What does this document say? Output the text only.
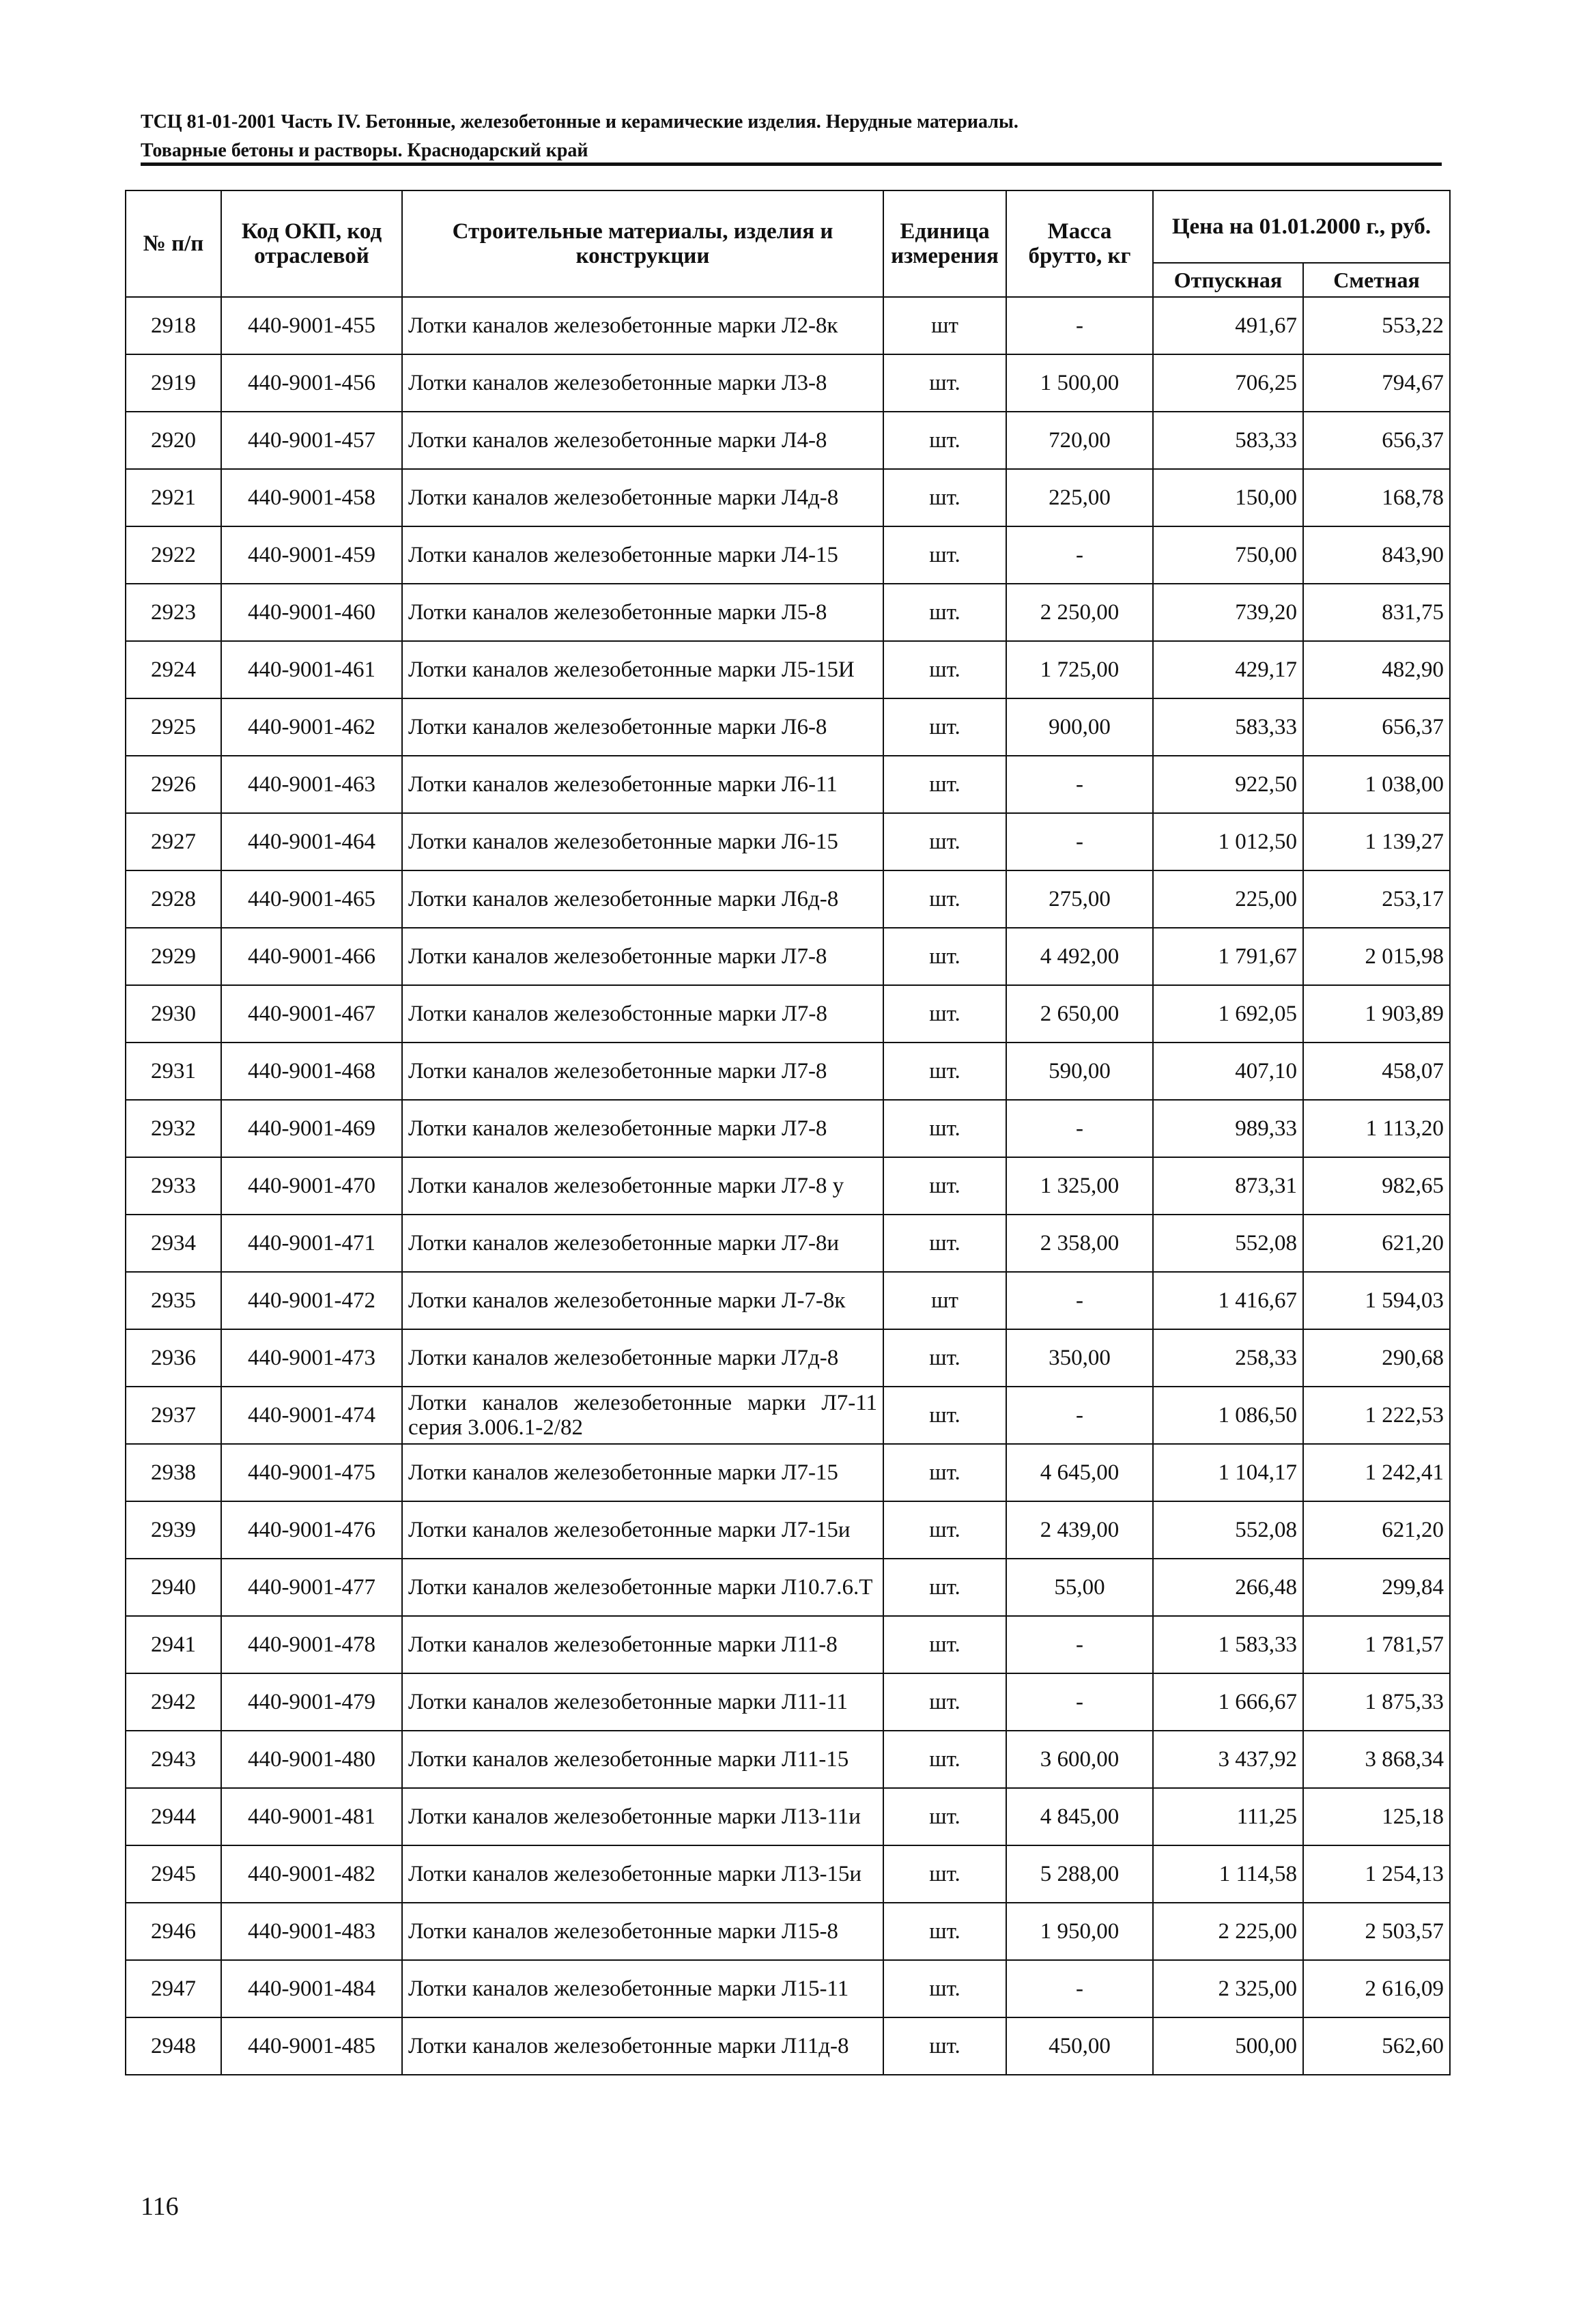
ТСЦ 81-01-2001 Часть IV. Бетонные, железобетонные и керамические изделия. Нерудные материалы.
Товарные бетоны и растворы. Краснодарский край
№ п/п	Код ОКП, код отраслевой	Строительные материалы, изделия и конструкции	Единица измерения	Масса брутто, кг	Цена на 01.01.2000 г., руб.	
					Отпускная	Сметная
2918	440-9001-455	Лотки каналов железобетонные марки Л2-8к	шт	-	491,67	553,22
2919	440-9001-456	Лотки каналов железобетонные марки Л3-8	шт.	1 500,00	706,25	794,67
2920	440-9001-457	Лотки каналов железобетонные марки Л4-8	шт.	720,00	583,33	656,37
2921	440-9001-458	Лотки каналов железобетонные марки Л4д-8	шт.	225,00	150,00	168,78
2922	440-9001-459	Лотки каналов железобетонные марки Л4-15	шт.	-	750,00	843,90
2923	440-9001-460	Лотки каналов железобетонные марки Л5-8	шт.	2 250,00	739,20	831,75
2924	440-9001-461	Лотки каналов железобетонные марки Л5-15И	шт.	1 725,00	429,17	482,90
2925	440-9001-462	Лотки каналов железобетонные марки Л6-8	шт.	900,00	583,33	656,37
2926	440-9001-463	Лотки каналов железобетонные марки Л6-11	шт.	-	922,50	1 038,00
2927	440-9001-464	Лотки каналов железобетонные марки Л6-15	шт.	-	1 012,50	1 139,27
2928	440-9001-465	Лотки каналов железобетонные марки Л6д-8	шт.	275,00	225,00	253,17
2929	440-9001-466	Лотки каналов железобетонные марки Л7-8	шт.	4 492,00	1 791,67	2 015,98
2930	440-9001-467	Лотки каналов железобстонные марки Л7-8	шт.	2 650,00	1 692,05	1 903,89
2931	440-9001-468	Лотки каналов железобетонные марки Л7-8	шт.	590,00	407,10	458,07
2932	440-9001-469	Лотки каналов железобетонные марки Л7-8	шт.	-	989,33	1 113,20
2933	440-9001-470	Лотки каналов железобетонные марки Л7-8 у	шт.	1 325,00	873,31	982,65
2934	440-9001-471	Лотки каналов железобетонные марки Л7-8и	шт.	2 358,00	552,08	621,20
2935	440-9001-472	Лотки каналов железобетонные марки Л-7-8к	шт	-	1 416,67	1 594,03
2936	440-9001-473	Лотки каналов железобетонные марки Л7д-8	шт.	350,00	258,33	290,68
2937	440-9001-474	Лотки каналов железобетонные марки Л7-11 серия 3.006.1-2/82	шт.	-	1 086,50	1 222,53
2938	440-9001-475	Лотки каналов железобетонные марки Л7-15	шт.	4 645,00	1 104,17	1 242,41
2939	440-9001-476	Лотки каналов железобетонные марки Л7-15и	шт.	2 439,00	552,08	621,20
2940	440-9001-477	Лотки каналов железобетонные марки Л10.7.6.Т	шт.	55,00	266,48	299,84
2941	440-9001-478	Лотки каналов железобетонные марки Л11-8	шт.	-	1 583,33	1 781,57
2942	440-9001-479	Лотки каналов железобетонные марки Л11-11	шт.	-	1 666,67	1 875,33
2943	440-9001-480	Лотки каналов железобетонные марки Л11-15	шт.	3 600,00	3 437,92	3 868,34
2944	440-9001-481	Лотки каналов железобетонные марки Л13-11и	шт.	4 845,00	111,25	125,18
2945	440-9001-482	Лотки каналов железобетонные марки Л13-15и	шт.	5 288,00	1 114,58	1 254,13
2946	440-9001-483	Лотки каналов железобетонные марки Л15-8	шт.	1 950,00	2 225,00	2 503,57
2947	440-9001-484	Лотки каналов железобетонные марки Л15-11	шт.	-	2 325,00	2 616,09
2948	440-9001-485	Лотки каналов железобетонные марки Л11д-8	шт.	450,00	500,00	562,60
116
